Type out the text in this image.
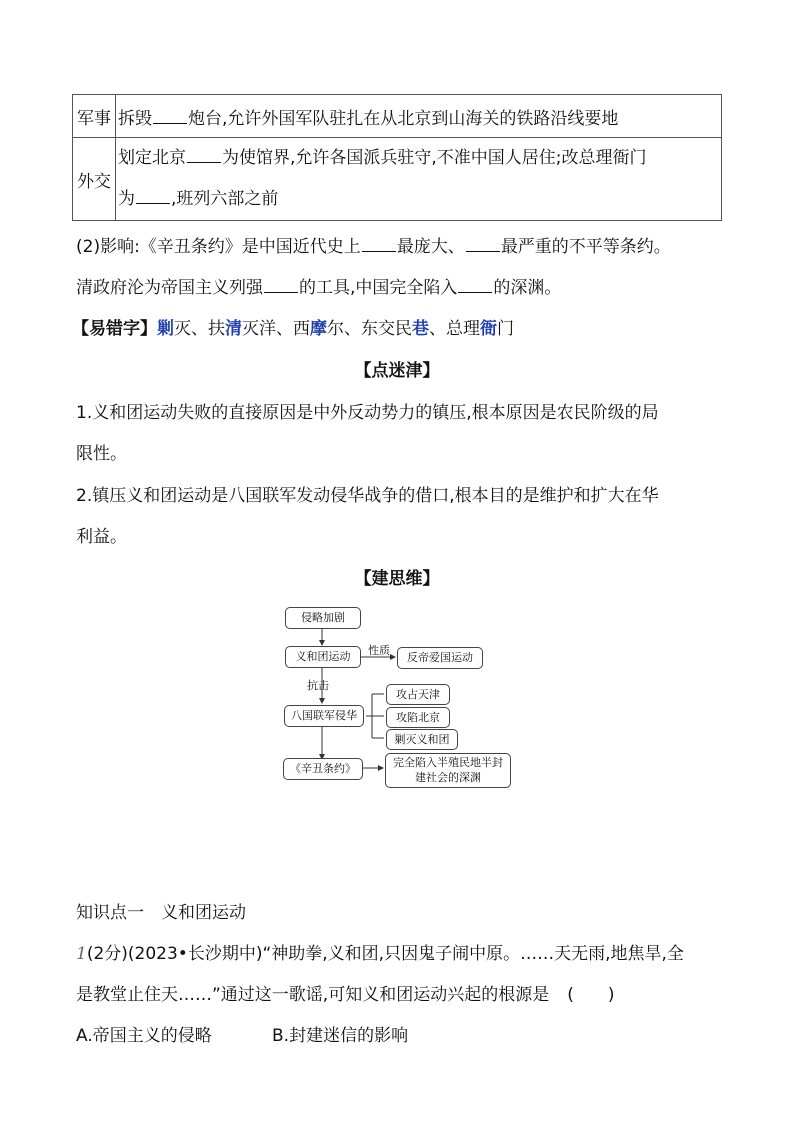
军事	拆毁 炮台,允许外国军队驻扎在从北京到山海关的铁路沿线要地
外交	划定北京 为使馆界,允许各国派兵驻守,不准中国人居住;改总理衙门
为 ,班列六部之前
(2)影响:《辛丑条约》是中国近代史上 最庞大、 最严重的不平等条约。
清政府沦为帝国主义列强 的工具,中国完全陷入 的深渊。
【易错字】剿灭、扶清灭洋、西摩尔、东交民巷、总理衙门
【点迷津】
1.义和团运动失败的直接原因是中外反动势力的镇压,根本原因是农民阶级的局
限性。
2.镇压义和团运动是八国联军发动侵华战争的借口,根本目的是维护和扩大在华
利益。
【建思维】
侵略加剧
义和团运动
八国联军侵华
《辛丑条约》
反帝爱国运动
攻占天津
攻陷北京
剿灭义和团
完全陷入半殖民地半封
建社会的深渊
性质
抗击
知识点一　义和团运动
1(2分)(2023•长沙期中)“神助拳,义和团,只因鬼子闹中原。……天无雨,地焦旱,全
是教堂止住天……”通过这一歌谣,可知义和团运动兴起的根源是 (　　)
A.帝国主义的侵略	B.封建迷信的影响
